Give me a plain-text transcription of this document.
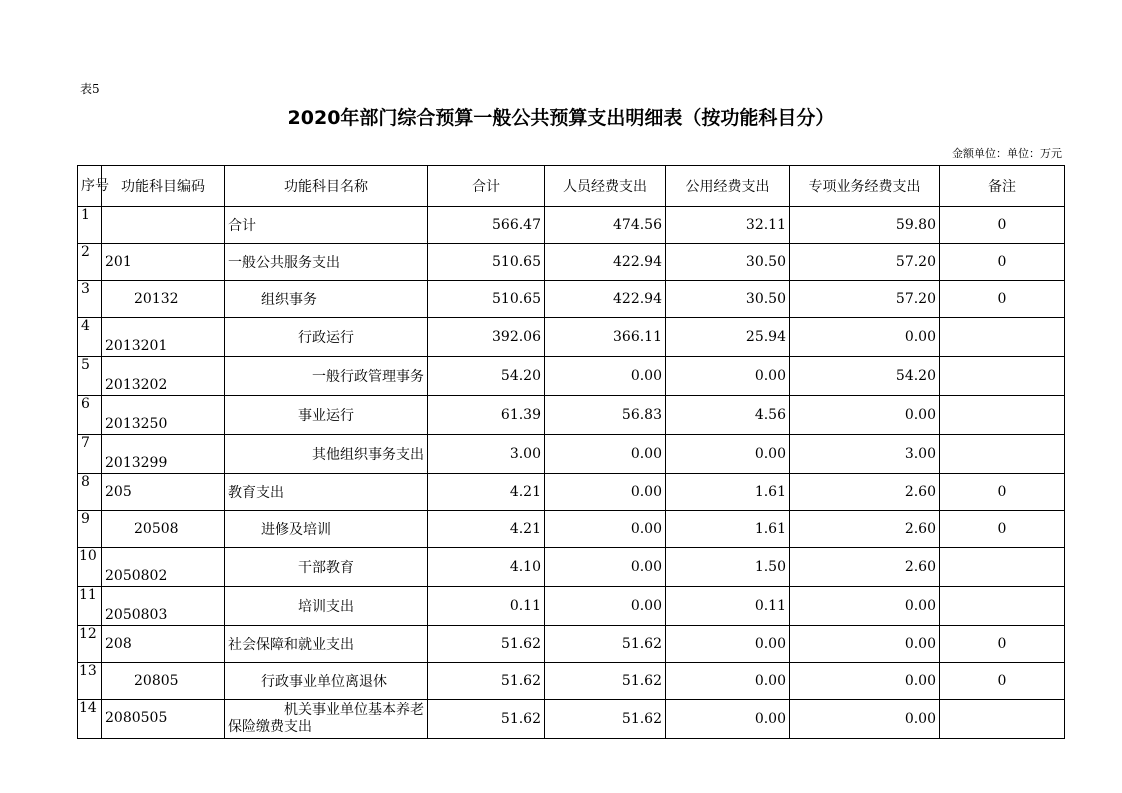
表5
2020年部门综合预算一般公共预算支出明细表（按功能科目分）
金额单位：单位：万元
序号	功能科目编码	功能科目名称	合计	人员经费支出	公用经费支出	专项业务经费支出	备注
1		合计	566.47	474.56	32.11	59.80	0
2	201	一般公共服务支出	510.65	422.94	30.50	57.20	0
3	20132	组织事务	510.65	422.94	30.50	57.20	0
4	2013201	行政运行	392.06	366.11	25.94	0.00	
5	2013202	一般行政管理事务	54.20	0.00	0.00	54.20	
6	2013250	事业运行	61.39	56.83	4.56	0.00	
7	2013299	其他组织事务支出	3.00	0.00	0.00	3.00	
8	205	教育支出	4.21	0.00	1.61	2.60	0
9	20508	进修及培训	4.21	0.00	1.61	2.60	0
10	2050802	干部教育	4.10	0.00	1.50	2.60	
11	2050803	培训支出	0.11	0.00	0.11	0.00	
12	208	社会保障和就业支出	51.62	51.62	0.00	0.00	0
13	20805	行政事业单位离退休	51.62	51.62	0.00	0.00	0
14	2080505	机关事业单位基本养老保险缴费支出	51.62	51.62	0.00	0.00	
